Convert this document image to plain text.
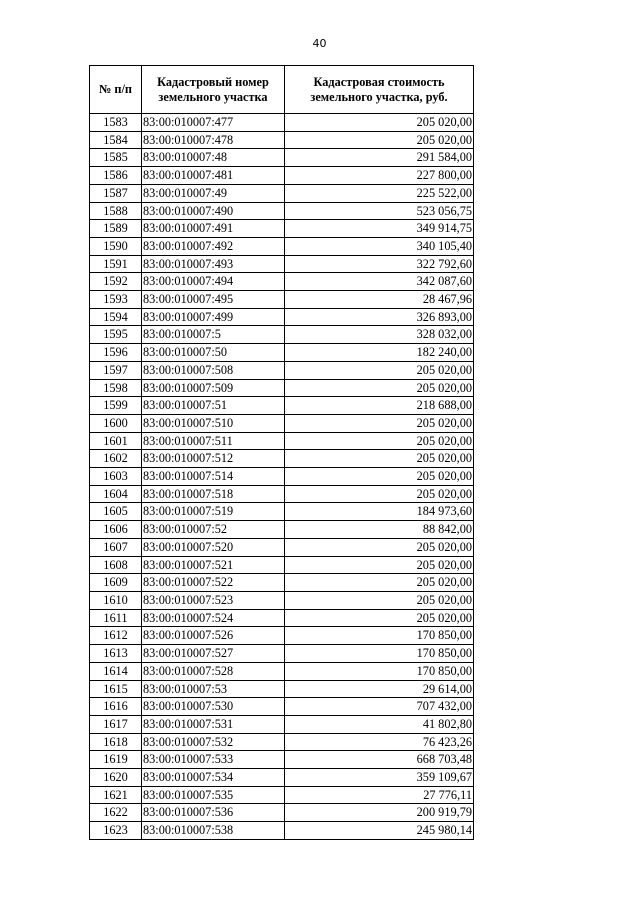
40
№ п/п	Кадастровый номер земельного участка	Кадастровая стоимость земельного участка, руб.
1583	83:00:010007:477	205 020,00
1584	83:00:010007:478	205 020,00
1585	83:00:010007:48	291 584,00
1586	83:00:010007:481	227 800,00
1587	83:00:010007:49	225 522,00
1588	83:00:010007:490	523 056,75
1589	83:00:010007:491	349 914,75
1590	83:00:010007:492	340 105,40
1591	83:00:010007:493	322 792,60
1592	83:00:010007:494	342 087,60
1593	83:00:010007:495	28 467,96
1594	83:00:010007:499	326 893,00
1595	83:00:010007:5	328 032,00
1596	83:00:010007:50	182 240,00
1597	83:00:010007:508	205 020,00
1598	83:00:010007:509	205 020,00
1599	83:00:010007:51	218 688,00
1600	83:00:010007:510	205 020,00
1601	83:00:010007:511	205 020,00
1602	83:00:010007:512	205 020,00
1603	83:00:010007:514	205 020,00
1604	83:00:010007:518	205 020,00
1605	83:00:010007:519	184 973,60
1606	83:00:010007:52	88 842,00
1607	83:00:010007:520	205 020,00
1608	83:00:010007:521	205 020,00
1609	83:00:010007:522	205 020,00
1610	83:00:010007:523	205 020,00
1611	83:00:010007:524	205 020,00
1612	83:00:010007:526	170 850,00
1613	83:00:010007:527	170 850,00
1614	83:00:010007:528	170 850,00
1615	83:00:010007:53	29 614,00
1616	83:00:010007:530	707 432,00
1617	83:00:010007:531	41 802,80
1618	83:00:010007:532	76 423,26
1619	83:00:010007:533	668 703,48
1620	83:00:010007:534	359 109,67
1621	83:00:010007:535	27 776,11
1622	83:00:010007:536	200 919,79
1623	83:00:010007:538	245 980,14
